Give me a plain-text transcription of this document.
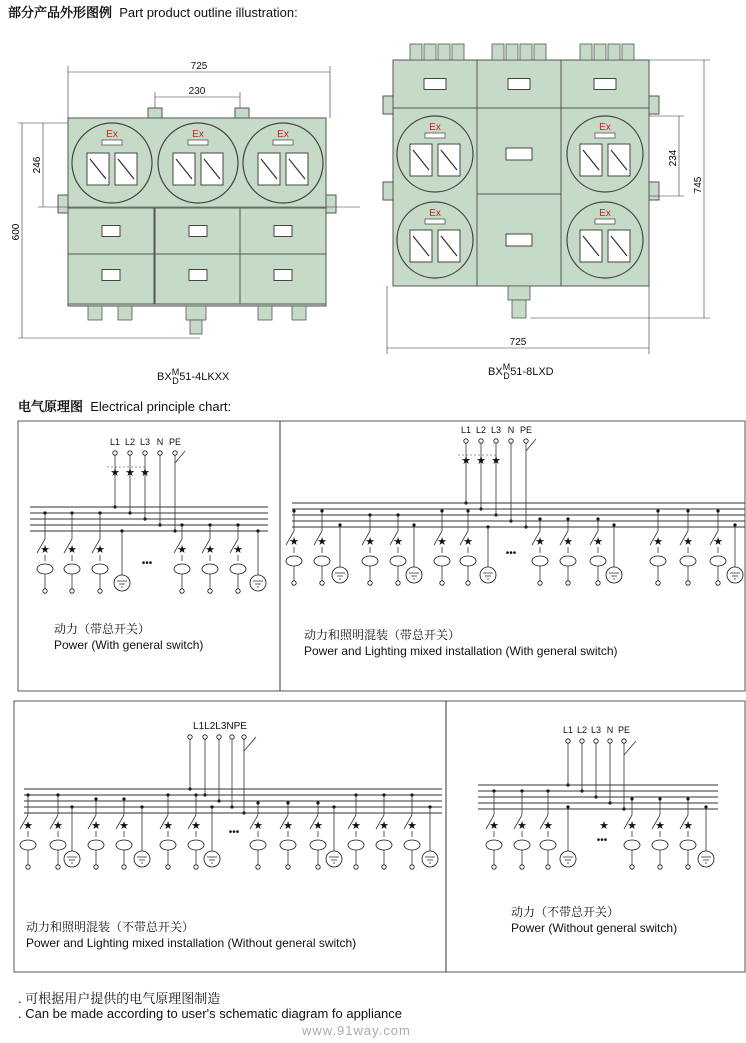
部分产品外形图例 Part product outline illustration:
电气原理图 Electrical principle chart:
Ex	Ex	Ex
725
230
246
600
Ex	Ex
Ex	Ex
234
745
725
BX M
D 51-4LKXX	BX M
D 51-8LXD
L1 L2 L3 N PE
★ ★ ★
★ ★ ★
•••
★ ★ ★
L1 L2 L3 N PE
★ ★ ★
★ ★	★ ★	★ ★
•••
★ ★ ★	★ ★ ★
L1L2L3NPE
★ ★	★ ★	★ ★
•••
★ ★ ★	★ ★ ★
L1 L2 L3 N PE
★ ★ ★	★
•••
★ ★ ★
动力（带总开关）
Power (With general switch)
动力和照明混装（带总开关）
Power and Lighting mixed installation (With general switch)
动力和照明混装（不带总开关）
Power and Lighting mixed installation (Without general switch)
动力（不带总开关）
Power (Without general switch)
. 可根据用户提供的电气原理图制造
. Can be made according to user's schematic diagram fo appliance
www.91way.com
